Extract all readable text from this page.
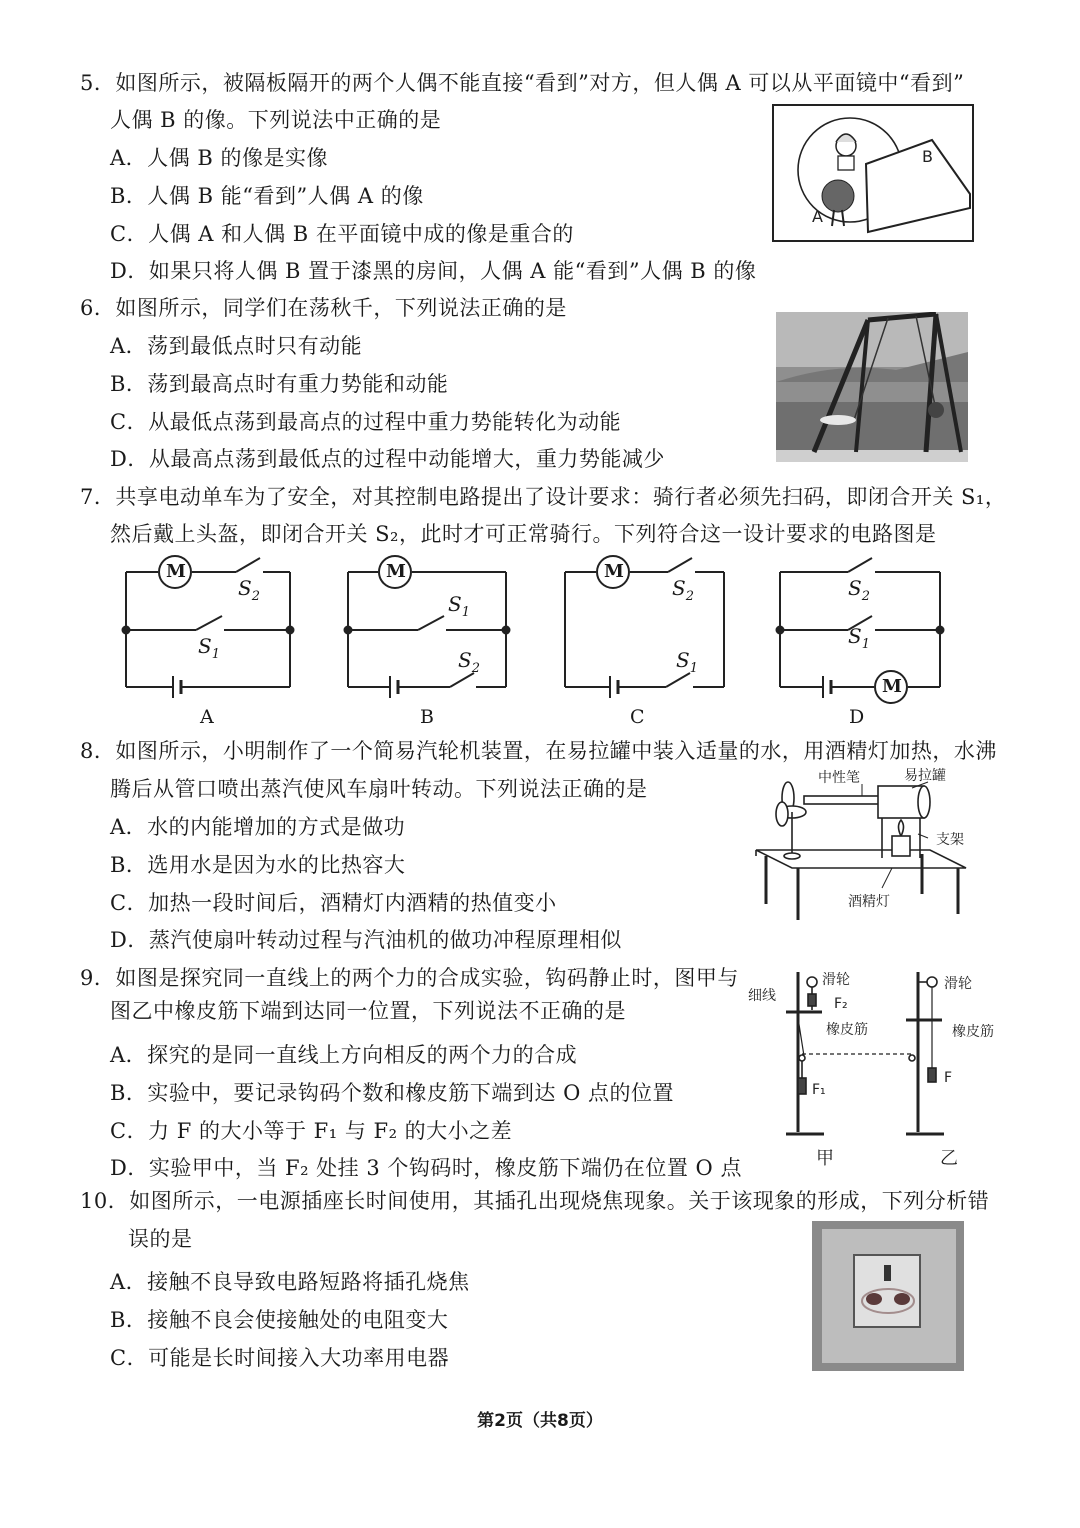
5．如图所示，被隔板隔开的两个人偶不能直接“看到”对方，但人偶 A 可以从平面镜中“看到”
人偶 B 的像。下列说法中正确的是
A．人偶 B 的像是实像
B．人偶 B 能“看到”人偶 A 的像
C．人偶 A 和人偶 B 在平面镜中成的像是重合的
D．如果只将人偶 B 置于漆黑的房间，人偶 A 能“看到”人偶 B 的像
A
B
6．如图所示，同学们在荡秋千，下列说法正确的是
A．荡到最低点时只有动能
B．荡到最高点时有重力势能和动能
C．从最低点荡到最高点的过程中重力势能转化为动能
D．从最高点荡到最低点的过程中动能增大，重力势能减少
7．共享电动单车为了安全，对其控制电路提出了设计要求：骑行者必须先扫码，即闭合开关 S₁，
然后戴上头盔，即闭合开关 S₂，此时才可正常骑行。下列符合这一设计要求的电路图是
M
$S_2$
$S_1$
A
M
$S_1$
$S_2$
B
M
$S_2$
$S_1$
C
$S_2$
$S_1$
M
D
8．如图所示，小明制作了一个简易汽轮机装置，在易拉罐中装入适量的水，用酒精灯加热，水沸
腾后从管口喷出蒸汽使风车扇叶转动。下列说法正确的是
A．水的内能增加的方式是做功
B．选用水是因为水的比热容大
C．加热一段时间后，酒精灯内酒精的热值变小
D．蒸汽使扇叶转动过程与汽油机的做功冲程原理相似
中性笔	易拉罐
支架
酒精灯
9．如图是探究同一直线上的两个力的合成实验，钩码静止时，图甲与
图乙中橡皮筋下端到达同一位置，下列说法不正确的是
A．探究的是同一直线上方向相反的两个力的合成
B．实验中，要记录钩码个数和橡皮筋下端到达 O 点的位置
C．力 F 的大小等于 F₁ 与 F₂ 的大小之差
D．实验甲中，当 F₂ 处挂 3 个钩码时，橡皮筋下端仍在位置 O 点
滑轮
细线	F₂
橡皮筋
F₁
滑轮
橡皮筋
F
甲	乙
10．如图所示，一电源插座长时间使用，其插孔出现烧焦现象。关于该现象的形成，下列分析错
误的是
A．接触不良导致电路短路将插孔烧焦
B．接触不良会使接触处的电阻变大
C．可能是长时间接入大功率用电器
第2页（共8页）
